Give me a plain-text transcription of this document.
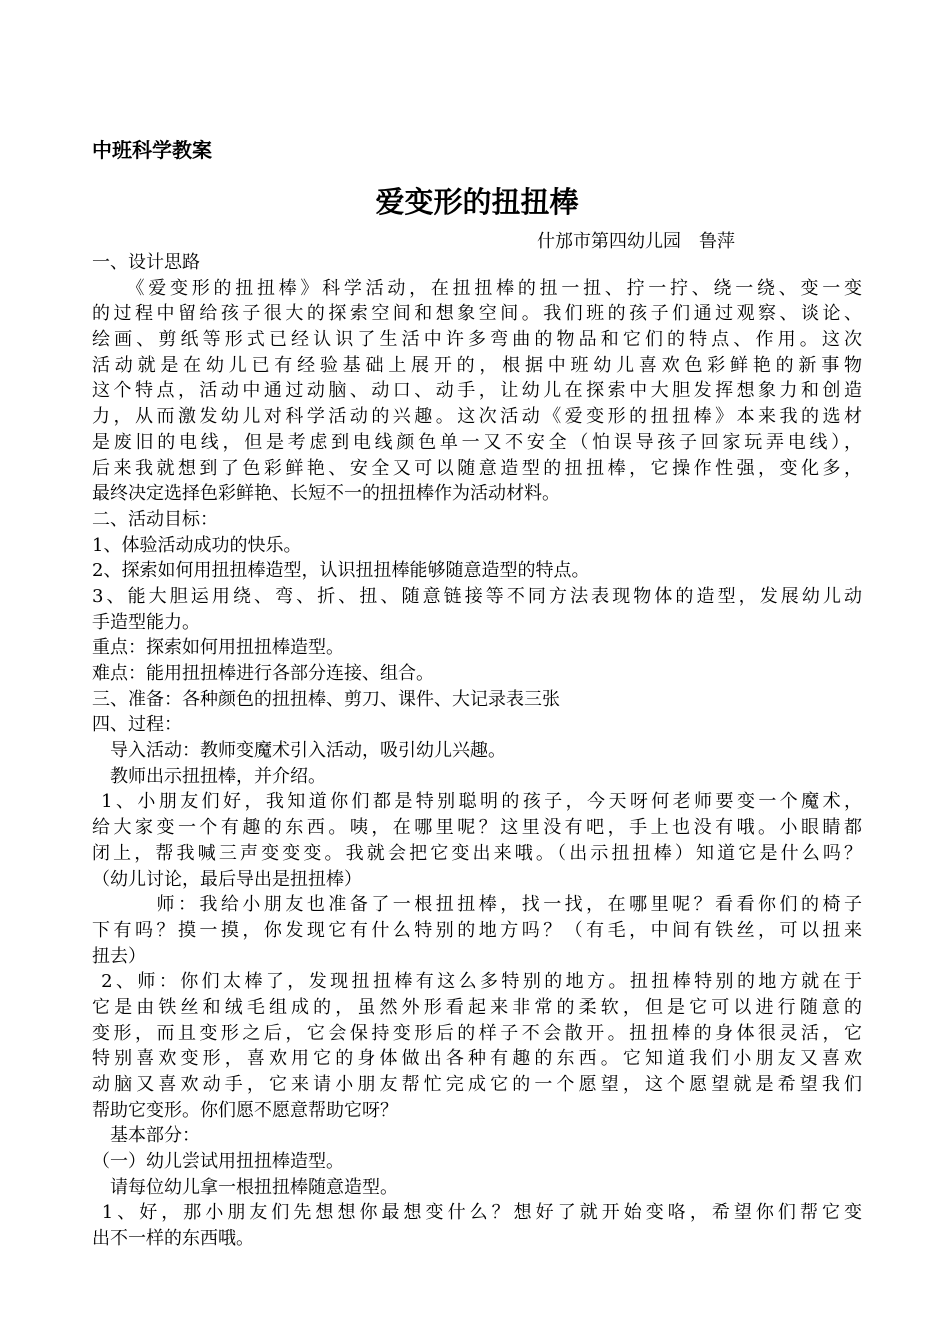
中班科学教案
爱变形的扭扭棒
什邡市第四幼儿园　鲁萍
一、设计思路
　　《爱变形的扭扭棒》科学活动，在扭扭棒的扭一扭、拧一拧、绕一绕、变一变
的过程中留给孩子很大的探索空间和想象空间。我们班的孩子们通过观察、谈论、
绘画、剪纸等形式已经认识了生活中许多弯曲的物品和它们的特点、作用。这次
活动就是在幼儿已有经验基础上展开的，根据中班幼儿喜欢色彩鲜艳的新事物
这个特点，活动中通过动脑、动口、动手，让幼儿在探索中大胆发挥想象力和创造
力，从而激发幼儿对科学活动的兴趣。这次活动《爱变形的扭扭棒》本来我的选材
是废旧的电线，但是考虑到电线颜色单一又不安全（怕误导孩子回家玩弄电线），
后来我就想到了色彩鲜艳、安全又可以随意造型的扭扭棒，它操作性强，变化多，
最终决定选择色彩鲜艳、长短不一的扭扭棒作为活动材料。
二、活动目标：
1、体验活动成功的快乐。
2、探索如何用扭扭棒造型，认识扭扭棒能够随意造型的特点。
3、能大胆运用绕、弯、折、扭、随意链接等不同方法表现物体的造型，发展幼儿动
手造型能力。
重点：探索如何用扭扭棒造型。
难点：能用扭扭棒进行各部分连接、组合。
三、准备：各种颜色的扭扭棒、剪刀、课件、大记录表三张
四、过程：
　导入活动：教师变魔术引入活动，吸引幼儿兴趣。
　教师出示扭扭棒，并介绍。
1、小朋友们好，我知道你们都是特别聪明的孩子，今天呀何老师要变一个魔术，
给大家变一个有趣的东西。咦，在哪里呢？这里没有吧，手上也没有哦。小眼睛都
闭上，帮我喊三声变变变。我就会把它变出来哦。（出示扭扭棒）知道它是什么吗？
（幼儿讨论，最后导出是扭扭棒）
　　　师：我给小朋友也准备了一根扭扭棒，找一找，在哪里呢？看看你们的椅子
下有吗？摸一摸，你发现它有什么特别的地方吗？（有毛，中间有铁丝，可以扭来
扭去）
2、师：你们太棒了，发现扭扭棒有这么多特别的地方。扭扭棒特别的地方就在于
它是由铁丝和绒毛组成的，虽然外形看起来非常的柔软，但是它可以进行随意的
变形，而且变形之后，它会保持变形后的样子不会散开。扭扭棒的身体很灵活，它
特别喜欢变形，喜欢用它的身体做出各种有趣的东西。它知道我们小朋友又喜欢
动脑又喜欢动手，它来请小朋友帮忙完成它的一个愿望，这个愿望就是希望我们
帮助它变形。你们愿不愿意帮助它呀？
　基本部分：
（一）幼儿尝试用扭扭棒造型。
　请每位幼儿拿一根扭扭棒随意造型。
1、好，那小朋友们先想想你最想变什么？想好了就开始变咯，希望你们帮它变
出不一样的东西哦。
